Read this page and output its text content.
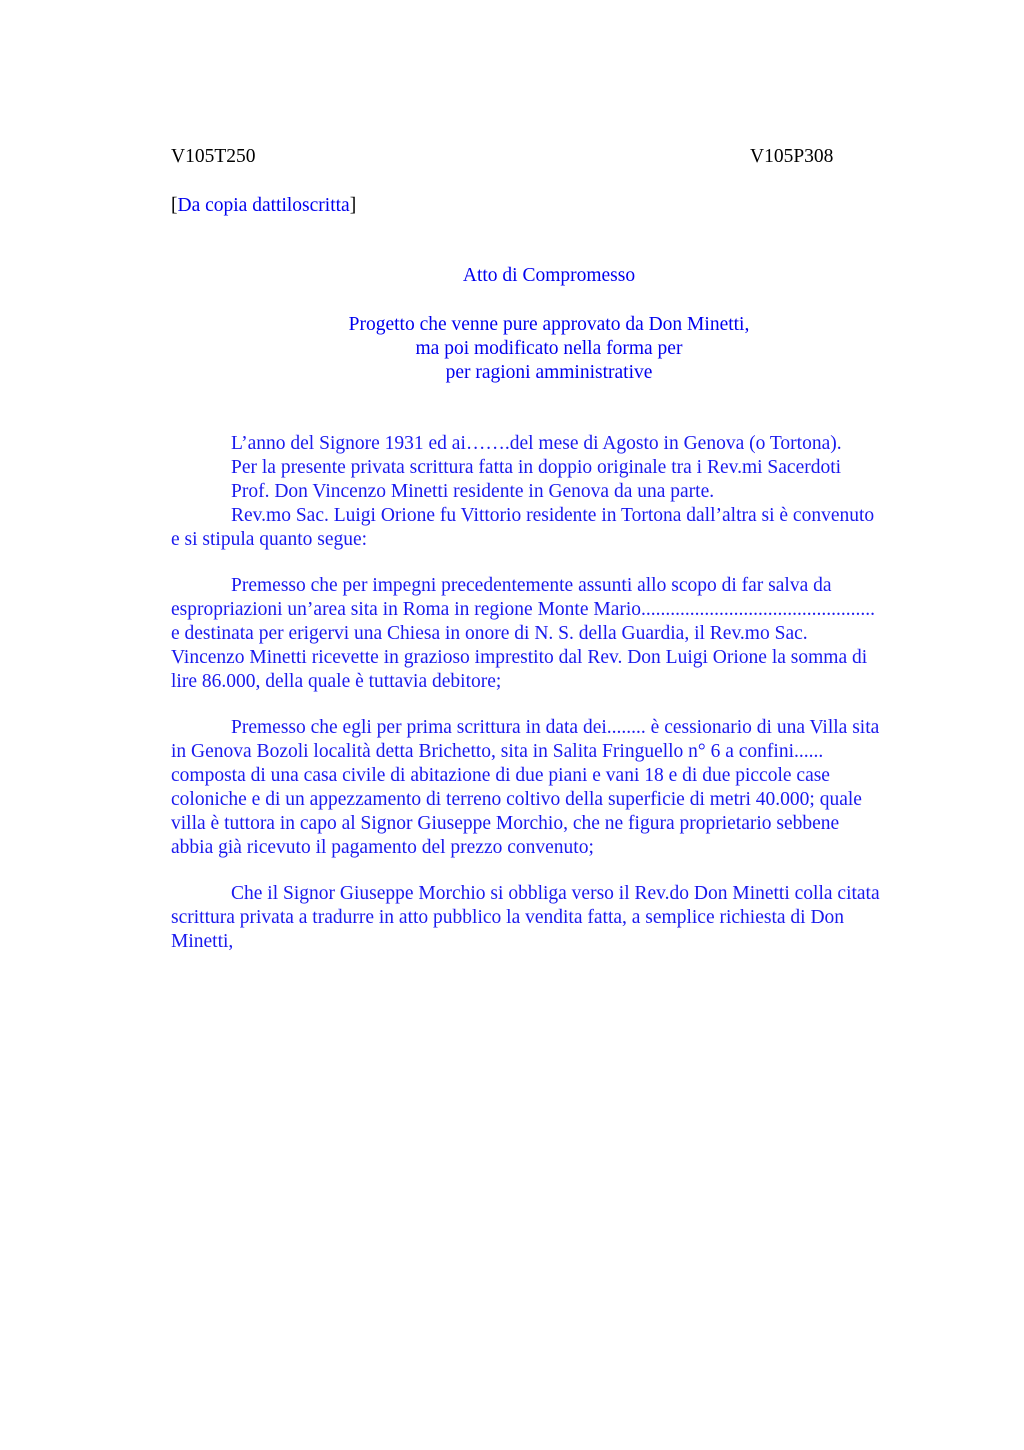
V105T250	V105P308
[Da copia dattiloscritta]
Atto di Compromesso
Progetto che venne pure approvato da Don Minetti,
ma poi modificato nella forma per
per ragioni amministrative
L’anno del Signore 1931 ed ai…….del mese di Agosto in Genova (o Tortona).
Per la presente privata scrittura fatta in doppio originale tra i Rev.mi Sacerdoti
Prof. Don Vincenzo Minetti residente in Genova da una parte.
Rev.mo Sac. Luigi Orione fu Vittorio residente in Tortona dall’altra si è convenuto
e si stipula quanto segue:
Premesso che per impegni precedentemente assunti allo scopo di far salva da
espropriazioni un’area sita in Roma in regione Monte Mario................................................
e destinata per erigervi una Chiesa in onore di N. S. della Guardia, il Rev.mo Sac.
Vincenzo Minetti ricevette in grazioso imprestito dal Rev. Don Luigi Orione la somma di
lire 86.000, della quale è tuttavia debitore;
Premesso che egli per prima scrittura in data dei........ è cessionario di una Villa sita
in Genova Bozoli località detta Brichetto, sita in Salita Fringuello n° 6 a confini......
composta di una casa civile di abitazione di due piani e vani 18 e di due piccole case
coloniche e di un appezzamento di terreno coltivo della superficie di metri 40.000; quale
villa è tuttora in capo al Signor Giuseppe Morchio, che ne figura proprietario sebbene
abbia già ricevuto il pagamento del prezzo convenuto;
Che il Signor Giuseppe Morchio si obbliga verso il Rev.do Don Minetti colla citata
scrittura privata a tradurre in atto pubblico la vendita fatta, a semplice richiesta di Don
Minetti,
